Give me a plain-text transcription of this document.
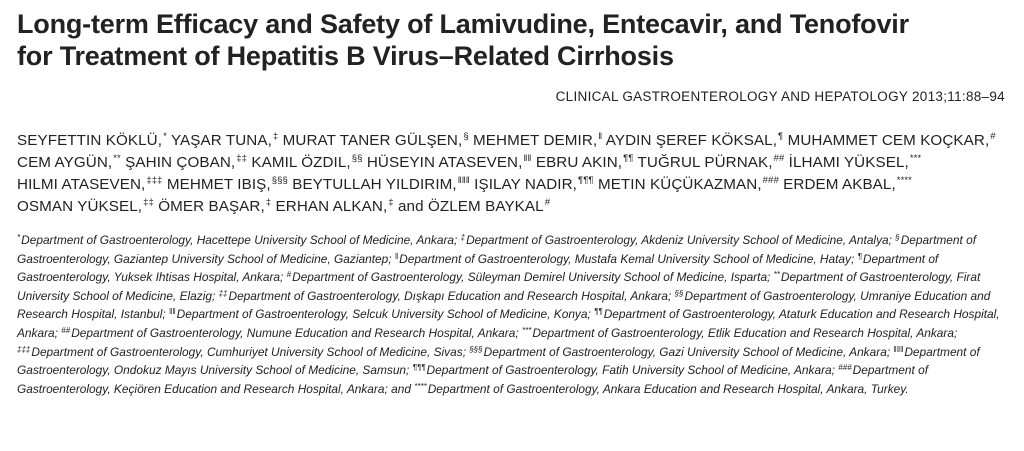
Long-term Efficacy and Safety of Lamivudine, Entecavir, and Tenofovir
for Treatment of Hepatitis B Virus–Related Cirrhosis
CLINICAL GASTROENTEROLOGY AND HEPATOLOGY 2013;11:88–94
SEYFETTIN KÖKLÜ,* YAŞAR TUNA,‡ MURAT TANER GÜLŞEN,§ MEHMET DEMIR,‖ AYDIN ŞEREF KÖKSAL,¶ MUHAMMET CEM KOÇKAR,# CEM AYGÜN,** ŞAHIN ÇOBAN,‡‡ KAMIL ÖZDIL,§§ HÜSEYIN ATASEVEN,‖‖ EBRU AKIN,¶¶ TUĞRUL PÜRNAK,## İLHAMI YÜKSEL,*** HILMI ATASEVEN,‡‡‡ MEHMET IBIŞ,§§§ BEYTULLAH YILDIRIM,‖‖‖ IŞILAY NADIR,¶¶¶ METIN KÜÇÜKAZMAN,### ERDEM AKBAL,**** OSMAN YÜKSEL,‡‡ ÖMER BAŞAR,‡ ERHAN ALKAN,‡ and ÖZLEM BAYKAL#
*Department of Gastroenterology, Hacettepe University School of Medicine, Ankara; ‡Department of Gastroenterology, Akdeniz University School of Medicine, Antalya; §Department of Gastroenterology, Gaziantep University School of Medicine, Gaziantep; ‖Department of Gastroenterology, Mustafa Kemal University School of Medicine, Hatay; ¶Department of Gastroenterology, Yuksek Ihtisas Hospital, Ankara; #Department of Gastroenterology, Süleyman Demirel University School of Medicine, Isparta; **Department of Gastroenterology, Firat University School of Medicine, Elazig; ‡‡Department of Gastroenterology, Dışkapı Education and Research Hospital, Ankara; §§Department of Gastroenterology, Umraniye Education and Research Hospital, Istanbul; ‖‖Department of Gastroenterology, Selcuk University School of Medicine, Konya; ¶¶Department of Gastroenterology, Ataturk Education and Research Hospital, Ankara; ##Department of Gastroenterology, Numune Education and Research Hospital, Ankara; ***Department of Gastroenterology, Etlik Education and Research Hospital, Ankara; ‡‡‡Department of Gastroenterology, Cumhuriyet University School of Medicine, Sivas; §§§Department of Gastroenterology, Gazi University School of Medicine, Ankara; ‖‖‖Department of Gastroenterology, Ondokuz Mayıs University School of Medicine, Samsun; ¶¶¶Department of Gastroenterology, Fatih University School of Medicine, Ankara; ###Department of Gastroenterology, Keçiören Education and Research Hospital, Ankara; and ****Department of Gastroenterology, Ankara Education and Research Hospital, Ankara, Turkey.
